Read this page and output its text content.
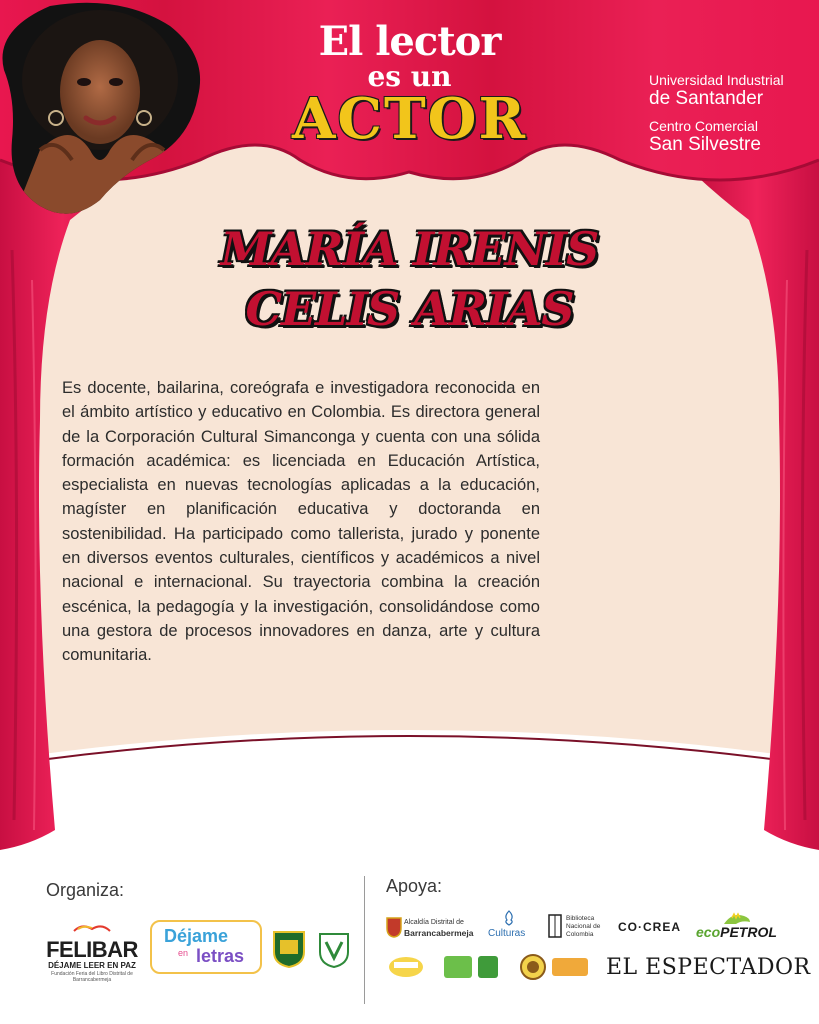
El lector
es un
ACTOR
Universidad Industrial
de Santander
Centro Comercial
San Silvestre
MARÍA IRENIS
CELIS ARIAS

Es docente, bailarina, coreógrafa e investigadora reconocida en el ámbito artístico y educativo en Colombia. Es directora general de la Corporación Cultural Simanconga y cuenta con una sólida formación académica: es licenciada en Educación Artística, especialista en nuevas tecnologías aplicadas a la educación, magíster en planificación educativa y doctoranda en sostenibilidad. Ha participado como tallerista, jurado y ponente en diversos eventos culturales, científicos y académicos a nivel nacional e internacional. Su trayectoria combina la creación escénica, la pedagogía y la investigación, consolidándose como una gestora de procesos innovadores en danza, arte y cultura comunitaria.

Organiza:	Apoya:
FELIBAR
DÉJAME LEER EN PAZ
Fundación Feria del Libro Distrital de Barrancabermeja
Déjame
en letras
Alcaldía Distrital de
Barrancabermeja Culturas
Biblioteca
Nacional de
Colombia
CO·CREA ecoPETROL
EL ESPECTADOR
